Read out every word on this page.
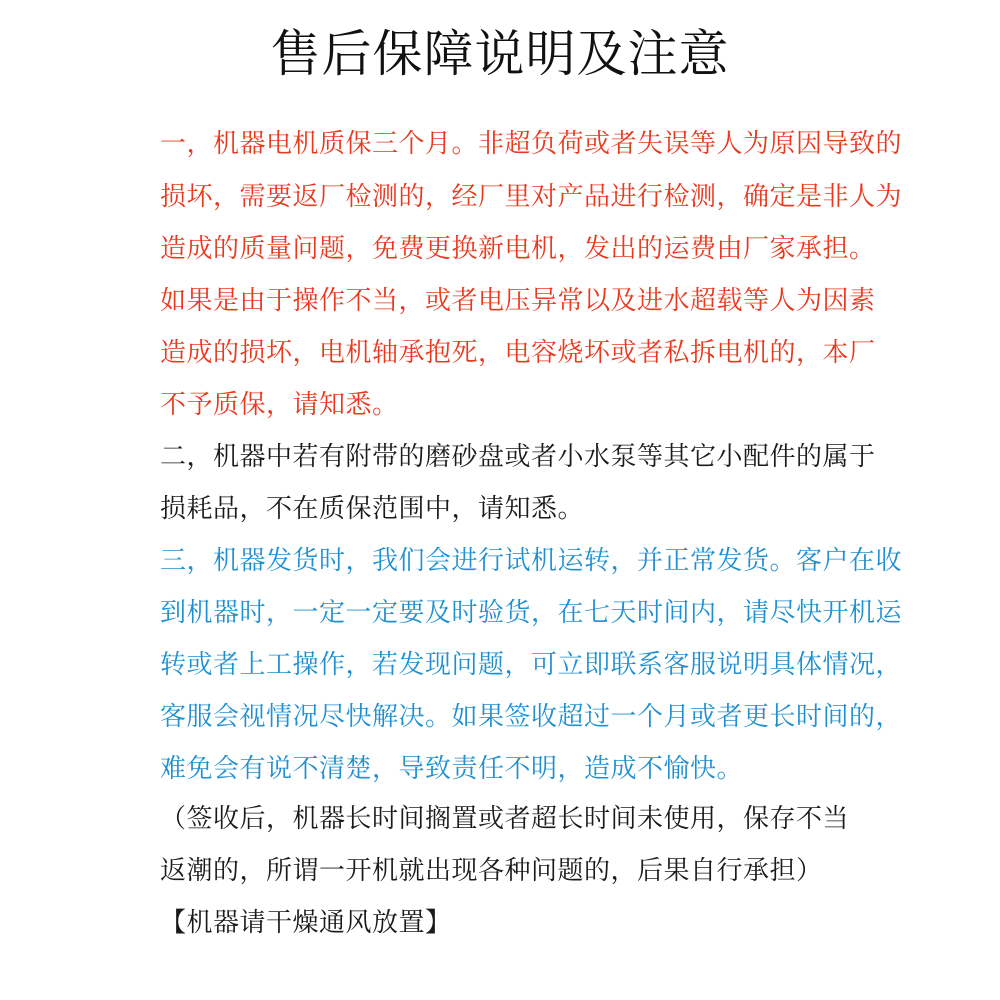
售后保障说明及注意
一，机器电机质保三个月。非超负荷或者失误等人为原因导致的
损坏，需要返厂检测的，经厂里对产品进行检测，确定是非人为
造成的质量问题，免费更换新电机，发出的运费由厂家承担。
如果是由于操作不当，或者电压异常以及进水超载等人为因素
造成的损坏，电机轴承抱死，电容烧坏或者私拆电机的，本厂
不予质保，请知悉。
二，机器中若有附带的磨砂盘或者小水泵等其它小配件的属于
损耗品，不在质保范围中，请知悉。
三，机器发货时，我们会进行试机运转，并正常发货。客户在收
到机器时，一定一定要及时验货，在七天时间内，请尽快开机运
转或者上工操作，若发现问题，可立即联系客服说明具体情况，
客服会视情况尽快解决。如果签收超过一个月或者更长时间的，
难免会有说不清楚，导致责任不明，造成不愉快。
（签收后，机器长时间搁置或者超长时间未使用，保存不当
返潮的，所谓一开机就出现各种问题的，后果自行承担）
【机器请干燥通风放置】
